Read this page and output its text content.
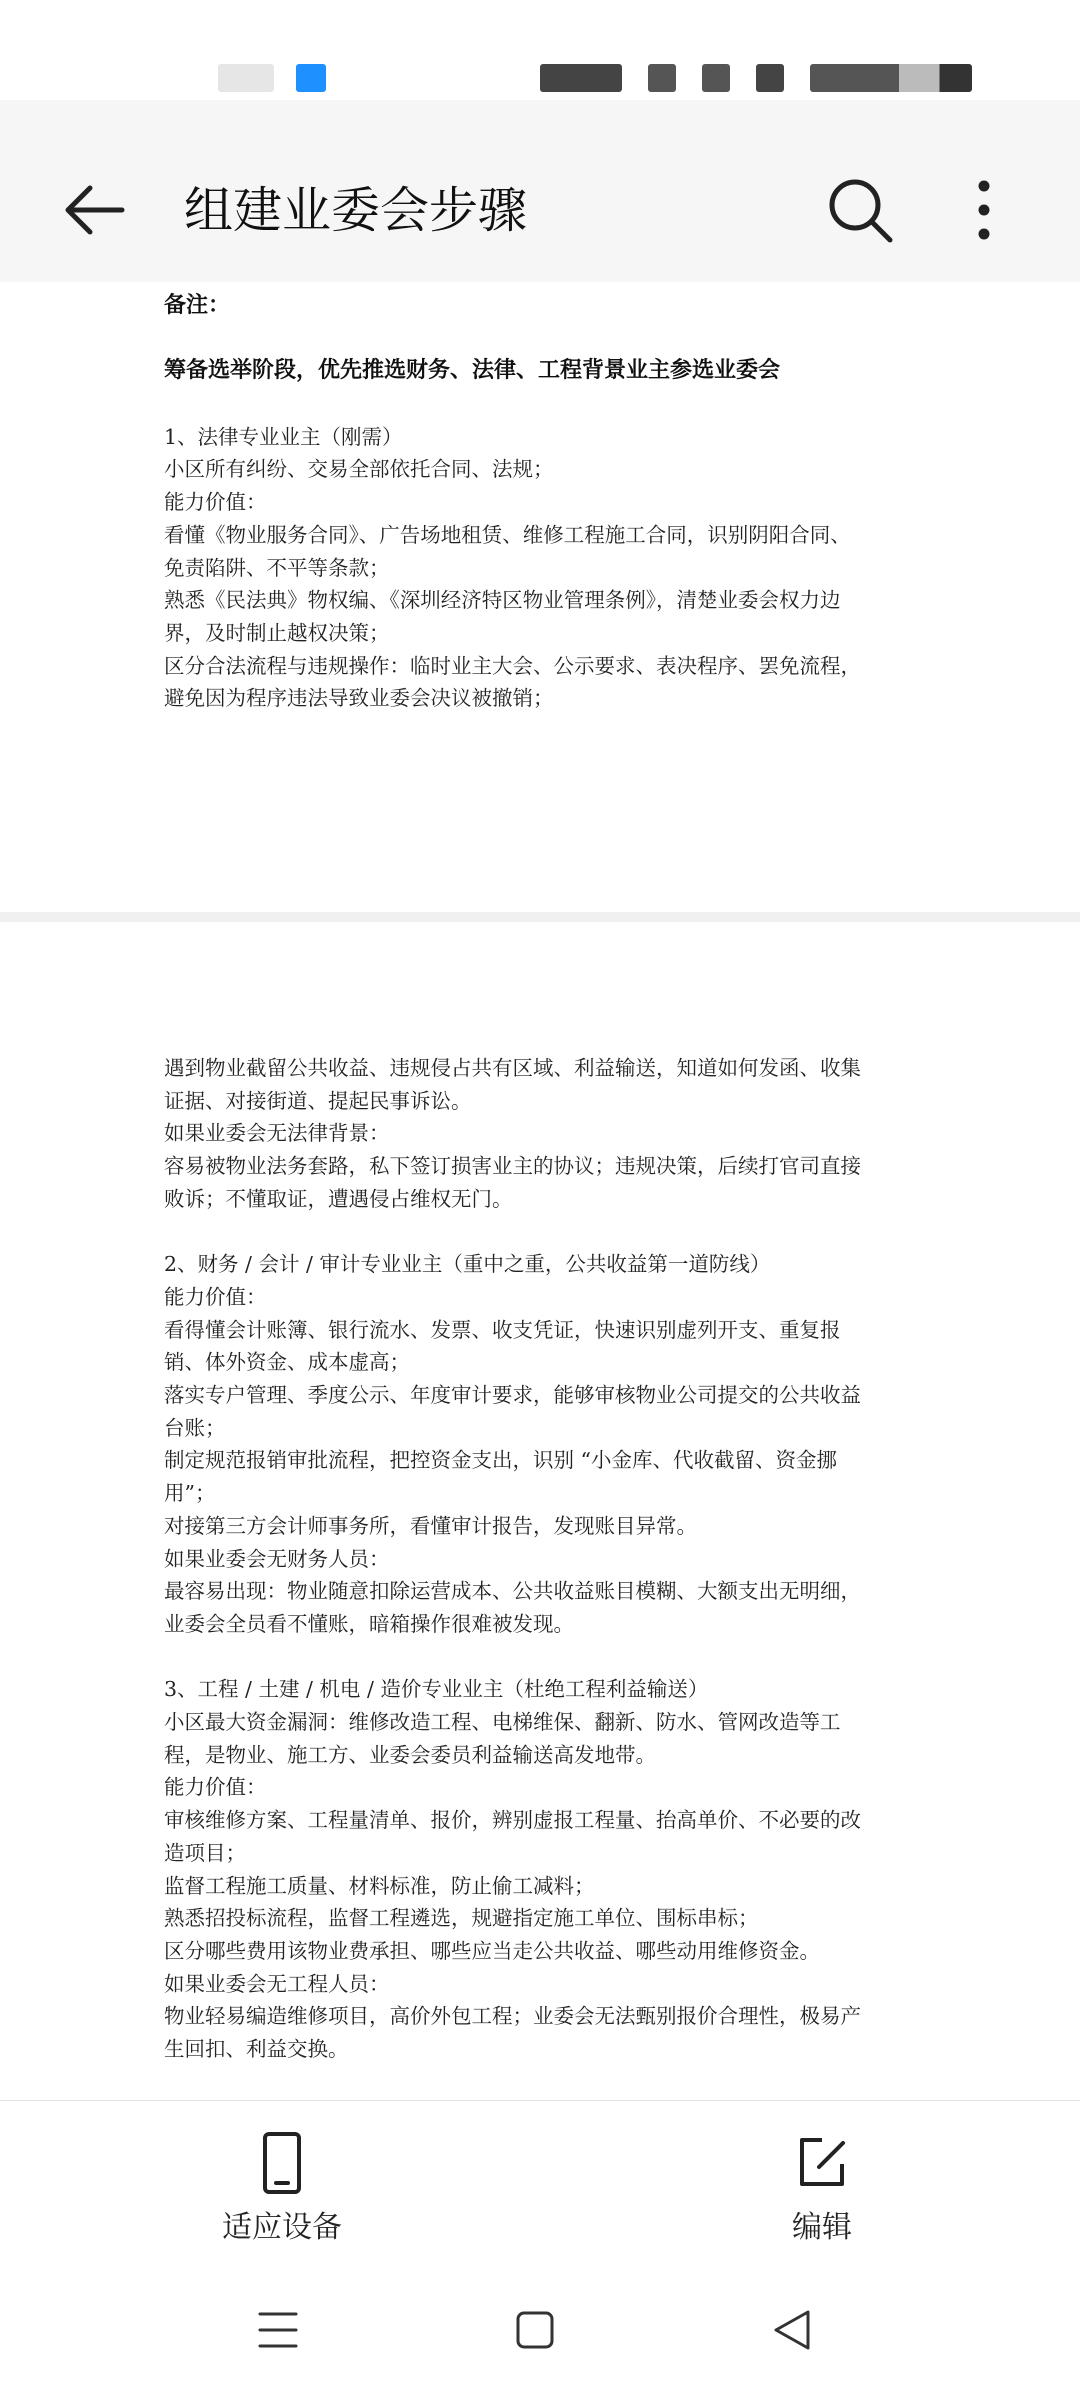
组建业委会步骤

备注：

筹备选举阶段，优先推选财务、法律、工程背景业主参选业委会

1、法律专业业主（刚需）

小区所有纠纷、交易全部依托合同、法规；

能力价值：

看懂《物业服务合同》、广告场地租赁、维修工程施工合同，识别阴阳合同、

免责陷阱、不平等条款；

熟悉《民法典》物权编、《深圳经济特区物业管理条例》，清楚业委会权力边

界，及时制止越权决策；

区分合法流程与违规操作：临时业主大会、公示要求、表决程序、罢免流程，

避免因为程序违法导致业委会决议被撤销；

遇到物业截留公共收益、违规侵占共有区域、利益输送，知道如何发函、收集

证据、对接街道、提起民事诉讼。

如果业委会无法律背景：

容易被物业法务套路，私下签订损害业主的协议；违规决策，后续打官司直接

败诉；不懂取证，遭遇侵占维权无门。

2、财务 / 会计 / 审计专业业主（重中之重，公共收益第一道防线）

能力价值：

看得懂会计账簿、银行流水、发票、收支凭证，快速识别虚列开支、重复报

销、体外资金、成本虚高；

落实专户管理、季度公示、年度审计要求，能够审核物业公司提交的公共收益

台账；

制定规范报销审批流程，把控资金支出，识别 “小金库、代收截留、资金挪

用”；

对接第三方会计师事务所，看懂审计报告，发现账目异常。

如果业委会无财务人员：

最容易出现：物业随意扣除运营成本、公共收益账目模糊、大额支出无明细，

业委会全员看不懂账，暗箱操作很难被发现。

3、工程 / 土建 / 机电 / 造价专业业主（杜绝工程利益输送）

小区最大资金漏洞：维修改造工程、电梯维保、翻新、防水、管网改造等工

程，是物业、施工方、业委会委员利益输送高发地带。

能力价值：

审核维修方案、工程量清单、报价，辨别虚报工程量、抬高单价、不必要的改

造项目；

监督工程施工质量、材料标准，防止偷工减料；

熟悉招投标流程，监督工程遴选，规避指定施工单位、围标串标；

区分哪些费用该物业费承担、哪些应当走公共收益、哪些动用维修资金。

如果业委会无工程人员：

物业轻易编造维修项目，高价外包工程；业委会无法甄别报价合理性，极易产

生回扣、利益交换。

适应设备	编辑
